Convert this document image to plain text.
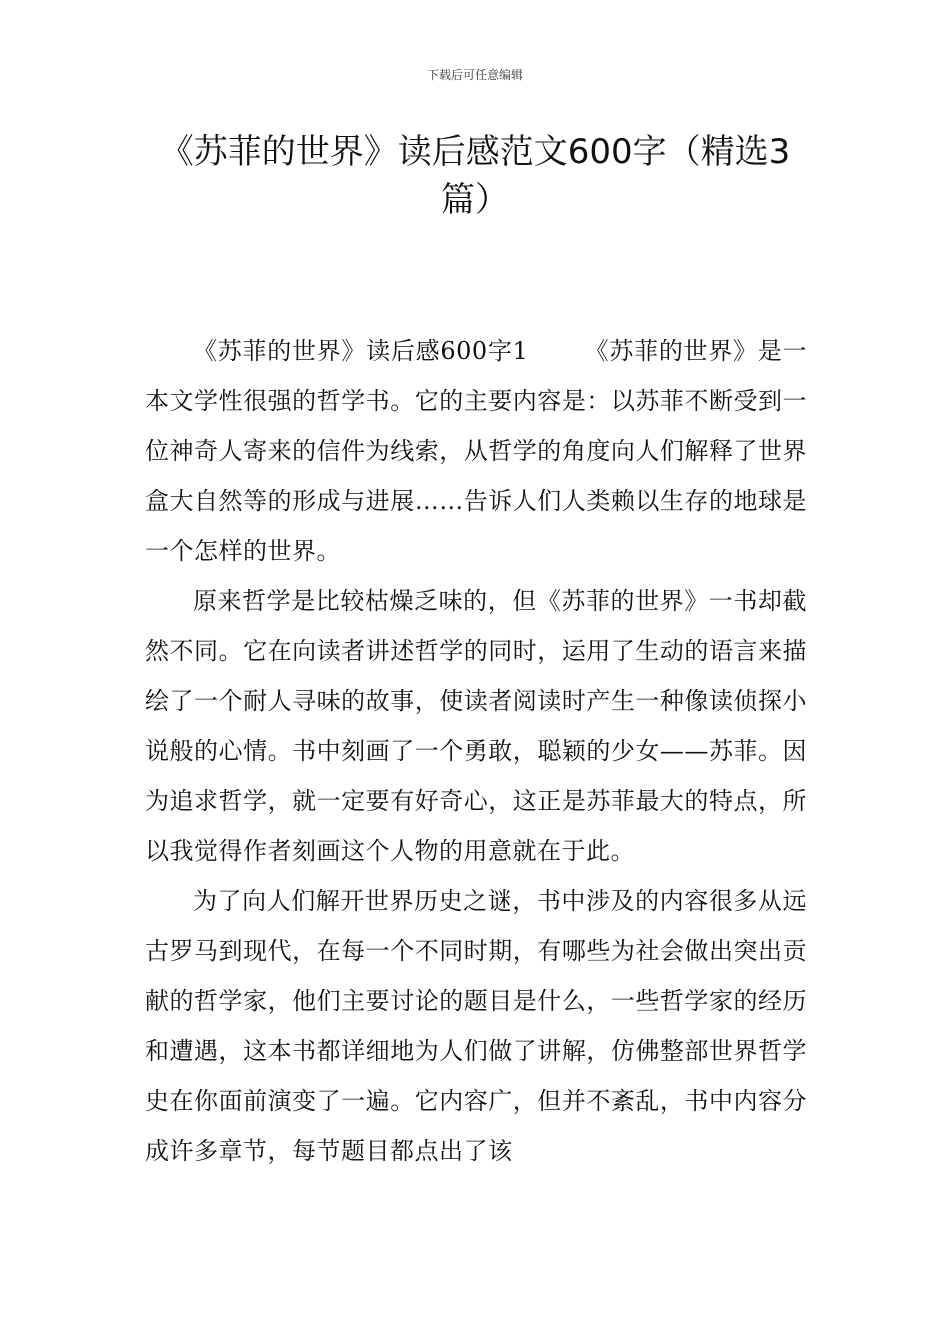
下载后可任意编辑
《苏菲的世界》读后感范文600字（精选3篇）

《苏菲的世界》读后感600字1 《苏菲的世界》是一本文学性很强的哲学书。它的主要内容是：以苏菲不断受到一位神奇人寄来的信件为线索，从哲学的角度向人们解释了世界盒大自然等的形成与进展……告诉人们人类赖以生存的地球是一个怎样的世界。

原来哲学是比较枯燥乏味的，但《苏菲的世界》一书却截然不同。它在向读者讲述哲学的同时，运用了生动的语言来描绘了一个耐人寻味的故事，使读者阅读时产生一种像读侦探小说般的心情。书中刻画了一个勇敢，聪颖的少女——苏菲。因为追求哲学，就一定要有好奇心，这正是苏菲最大的特点，所以我觉得作者刻画这个人物的用意就在于此。

为了向人们解开世界历史之谜，书中涉及的内容很多从远古罗马到现代，在每一个不同时期，有哪些为社会做出突出贡献的哲学家，他们主要讨论的题目是什么，一些哲学家的经历和遭遇，这本书都详细地为人们做了讲解，仿佛整部世界哲学史在你面前演变了一遍。它内容广，但并不紊乱，书中内容分成许多章节，每节题目都点出了该
